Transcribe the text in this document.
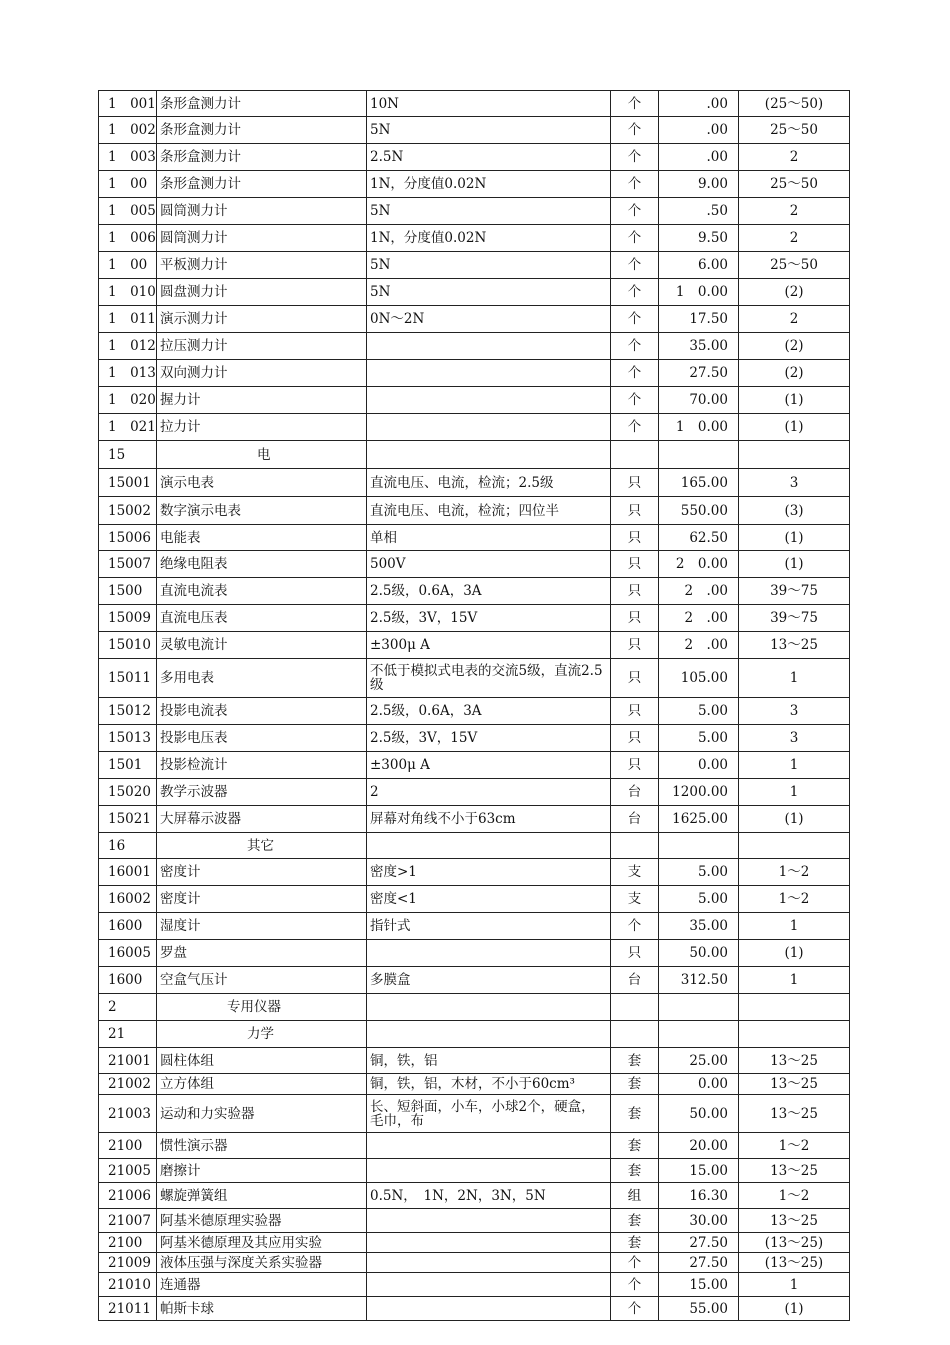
1　001	条形盒测力计	10N	个	.00	(25～50)
1　002	条形盒测力计	5N	个	.00	25～50
1　003	条形盒测力计	2.5N	个	.00	2
1　00	条形盒测力计	1N，分度值0.02N	个	9.00	25～50
1　005	圆筒测力计	5N	个	.50	2
1　006	圆筒测力计	1N，分度值0.02N	个	9.50	2
1　00	平板测力计	5N	个	6.00	25～50
1　010	圆盘测力计	5N	个	1　0.00	(2)
1　011	演示测力计	0N～2N	个	17.50	2
1　012	拉压测力计		个	35.00	(2)
1　013	双向测力计		个	27.50	(2)
1　020	握力计		个	70.00	(1)
1　021	拉力计		个	1　0.00	(1)
15	电				
15001	演示电表	直流电压、电流，检流；2.5级	只	165.00	3
15002	数字演示电表	直流电压、电流，检流；四位半	只	550.00	(3)
15006	电能表	单相	只	62.50	(1)
15007	绝缘电阻表	500V	只	2　0.00	(1)
1500	直流电流表	2.5级，0.6A，3A	只	2　.00	39～75
15009	直流电压表	2.5级，3V，15V	只	2　.00	39～75
15010	灵敏电流计	±300μ A	只	2　.00	13～25
15011	多用电表	不低于模拟式电表的交流5级，直流2.5级	只	105.00	1
15012	投影电流表	2.5级，0.6A，3A	只	5.00	3
15013	投影电压表	2.5级，3V，15V	只	5.00	3
1501	投影检流计	±300μ A	只	0.00	1
15020	教学示波器	2	台	1200.00	1
15021	大屏幕示波器	屏幕对角线不小于63cm	台	1625.00	(1)
16	其它				
16001	密度计	密度>1	支	5.00	1～2
16002	密度计	密度<1	支	5.00	1～2
1600	湿度计	指针式	个	35.00	1
16005	罗盘		只	50.00	(1)
1600	空盒气压计	多膜盒	台	312.50	1
2	专用仪器				
21	力学				
21001	圆柱体组	铜，铁，铝	套	25.00	13～25
21002	立方体组	铜，铁，铝，木材，不小于60cm³	套	0.00	13～25
21003	运动和力实验器	长、短斜面，小车，小球2个，硬盒，毛巾，布	套	50.00	13～25
2100	惯性演示器		套	20.00	1～2
21005	磨擦计		套	15.00	13～25
21006	螺旋弹簧组	0.5N，　1N，2N，3N，5N	组	16.30	1～2
21007	阿基米德原理实验器		套	30.00	13～25
2100	阿基米德原理及其应用实验		套	27.50	(13～25)
21009	液体压强与深度关系实验器		个	27.50	(13～25)
21010	连通器		个	15.00	1
21011	帕斯卡球		个	55.00	(1)
